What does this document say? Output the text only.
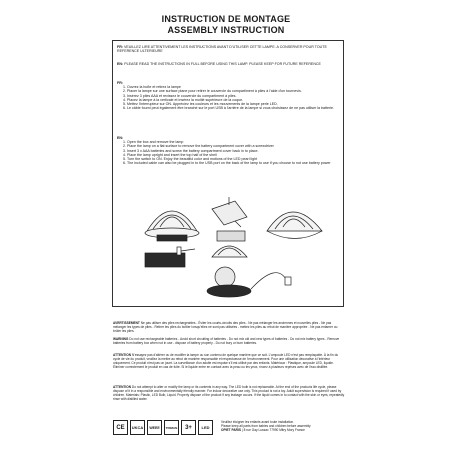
INSTRUCTION DE MONTAGE
ASSEMBLY INSTRUCTION
FR: VEUILLEZ LIRE ATTENTIVEMENT LES INSTRUCTIONS AVANT D'UTILISER CETTE LAMPE. A CONSERVER POUR TOUTE REFERENCE ULTERIEURE
EN: PLEASE READ THE INSTRUCTIONS IN FULL BEFORE USING THIS LAMP. PLEASE KEEP FOR FUTURE REFERENCE
FR:
1. Ouvrez la boîte et retirez la lampe
2. Placer la lampe sur une surface plane pour retirer le couvercle du compartiment à piles à l'aide d'un tournevis.
3. Insérez 3 piles AAA et revissez le couvercle du compartiment à piles.
4. Placez la lampe à la verticale et insérez la moitié supérieure de la coque.
5. Mettez l'interrupteur sur ON. Appréciez les couleurs et les mouvements de la lampe perle LED.
6. Le câble fourni peut également être branché sur le port USB à l'arrière de la lampe si vous choisissez de ne pas utiliser la batterie.
EN:
1. Open the box and remove the lamp
2. Place the lamp on a flat surface to remove the battery compartment cover with a screwdriver
3. Insert 3 x AAA batteries and screw the battery compartment cover back in to place.
4. Place the lamp upright and insert the top half of the shell
5. Turn the switch to ON. Enjoy the beautiful color and motions of the LED pearl light
6. The included cable can also be plugged in to the USB port on the back of the lamp to use if you choose to not use battery power
AVERTISSEMENT Ne pas utiliser des piles rechargeables - Éviter les courts-circuits des piles - Ne pas mélanger les anciennes et nouvelles piles - Ne pas mélanger les types de piles - Retirer les piles du boîtier lorsqu'elles ne sont pas utilisées - mettez les piles au rebut de manière appropriée - Ne pas entamer ou brûler les piles.
WARNING Do not use rechargeable batteries - Avoid short circuiting of batteries - Do not mix old and new types of batteries - Do not mix battery types - Remove batteries from battery box when not in use - dispose of battery properly - Do not bury or burn batteries.
ATTENTION N'essayez pas d'altérer ou de modifier la lampe ou son contenu de quelque manière que ce soit. L'ampoule LED n'est pas remplaçable. À la fin du cycle de vie du produit, veuillez la mettre au rebut de manière responsable et respectueuse de l'environnement. Pour une utilisation décorative à l'intérieur uniquement. Ce produit n'est pas un jouet. La surveillance d'un adulte est requise s'il est utilisé par des enfants. Matériaux : Plastique, ampoule LED, liquide. Éliminer correctement le produit en cas de fuite. Si le liquide entre en contact avec la peau ou les yeux, rincez à plusieurs reprises avec de l'eau distillée.
ATTENTION Do not attempt to alter or modify the lamp or its contents in any way. The LED bulb is not replaceable. At the end of the products life cycle, please dispose of it in a responsible and environmentally friendly manner. For indoor decorative use only. This product is not a toy. Adult supervision is required if used by children. Materials: Plastic, LED Bulb, Liquid. Properly dispose of the product if any leakage occurs. If the liquid comes in to contact with the skin or eyes, repeatedly rinse with distilled water.
CE	UKCA	WEEE	TRIMAN	3+	LED
Veuillez éloigner les enfants avant toute installation.
Please keep all parts from babies and children before assembly
OPIET PARIS | 8 rue Gay Lussac 77990 Mitry Mory France
